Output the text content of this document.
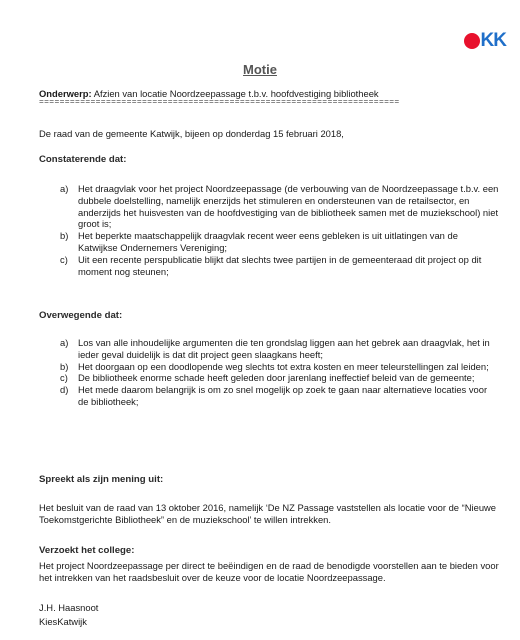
KK
Motie
Onderwerp: Afzien van locatie Noordzeepassage t.b.v. hoofdvestiging bibliotheek
======================================================================
De raad van de gemeente Katwijk, bijeen op donderdag 15 februari 2018,
Constaterende dat:
a) Het draagvlak voor het project Noordzeepassage (de verbouwing van de Noordzeepassage t.b.v. een dubbele doelstelling, namelijk enerzijds het stimuleren en ondersteunen van de retailsector, en anderzijds het huisvesten van de hoofdvestiging van de bibliotheek samen met de muziekschool) niet groot is;
b) Het beperkte maatschappelijk draagvlak recent weer eens gebleken is uit uitlatingen van de Katwijkse Ondernemers Vereniging;
c) Uit een recente perspublicatie blijkt dat slechts twee partijen in de gemeenteraad dit project op dit moment nog steunen;
Overwegende dat:
a) Los van alle inhoudelijke argumenten die ten grondslag liggen aan het gebrek aan draagvlak, het in ieder geval duidelijk is dat dit project geen slaagkans heeft;
b) Het doorgaan op een doodlopende weg slechts tot extra kosten en meer teleurstellingen zal leiden;
c) De bibliotheek enorme schade heeft geleden door jarenlang ineffectief beleid van de gemeente;
d) Het mede daarom belangrijk is om zo snel mogelijk op zoek te gaan naar alternatieve locaties voor de bibliotheek;
Spreekt als zijn mening uit:
Het besluit van de raad van 13 oktober 2016, namelijk ‘De NZ Passage vaststellen als locatie voor de “Nieuwe Toekomstgerichte Bibliotheek” en de muziekschool’ te willen intrekken.
Verzoekt het college:
Het project Noordzeepassage per direct te beëindigen en de raad de benodigde voorstellen aan te bieden voor het intrekken van het raadsbesluit over de keuze voor de locatie Noordzeepassage.
J.H. Haasnoot
KiesKatwijk
